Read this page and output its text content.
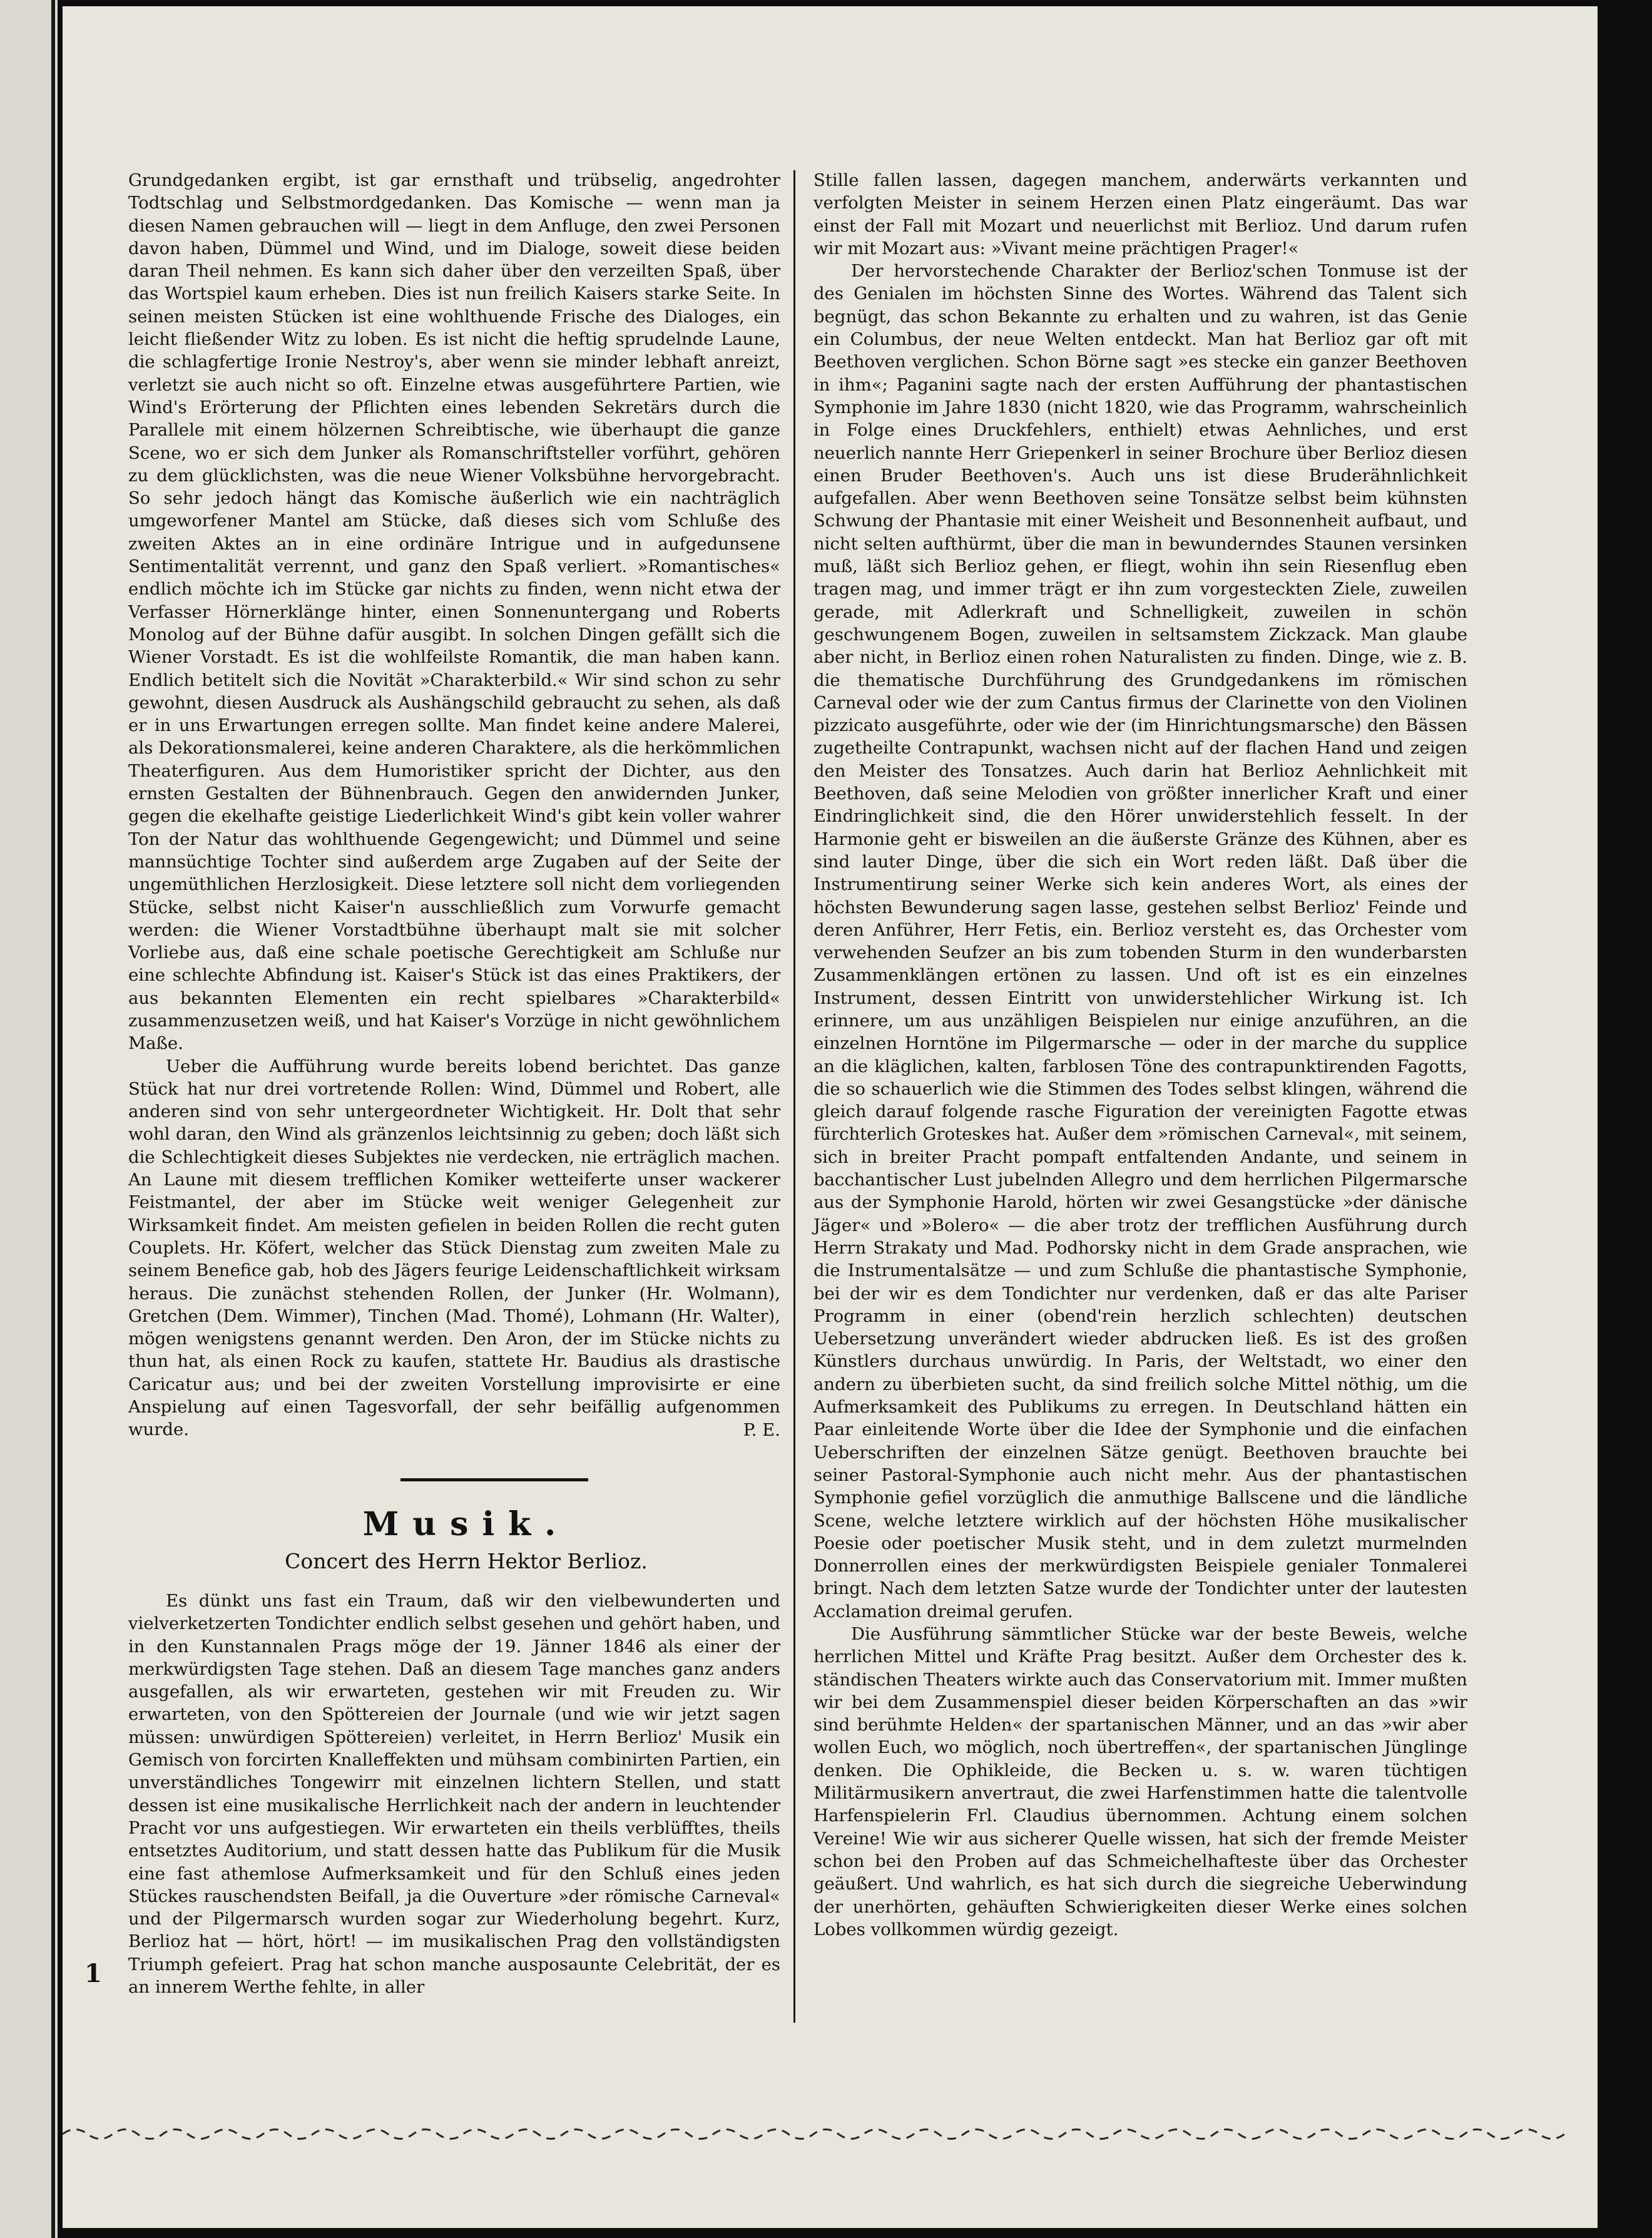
Grundgedanken ergibt, ist gar ernsthaft und trübselig, angedrohter Todtschlag und Selbstmordgedanken. Das Komische — wenn man ja diesen Namen gebrauchen will — liegt in dem Anfluge, den zwei Personen davon haben, Dümmel und Wind, und im Dialoge, soweit diese beiden daran Theil nehmen. Es kann sich daher über den verzeilten Spaß, über das Wortspiel kaum erheben. Dies ist nun freilich Kaisers starke Seite. In seinen meisten Stücken ist eine wohlthuende Frische des Dialoges, ein leicht fließender Witz zu loben. Es ist nicht die heftig sprudelnde Laune, die schlagfertige Ironie Nestroy's, aber wenn sie minder lebhaft anreizt, verletzt sie auch nicht so oft. Einzelne etwas ausgeführtere Partien, wie Wind's Erörterung der Pflichten eines lebenden Sekretärs durch die Parallele mit einem hölzernen Schreibtische, wie überhaupt die ganze Scene, wo er sich dem Junker als Romanschriftsteller vorführt, gehören zu dem glücklichsten, was die neue Wiener Volksbühne hervorgebracht. So sehr jedoch hängt das Komische äußerlich wie ein nachträglich umgeworfener Mantel am Stücke, daß dieses sich vom Schluße des zweiten Aktes an in eine ordinäre Intrigue und in aufgedunsene Sentimentalität verrennt, und ganz den Spaß verliert. »Romantisches« endlich möchte ich im Stücke gar nichts zu finden, wenn nicht etwa der Verfasser Hörnerklänge hinter, einen Sonnenuntergang und Roberts Monolog auf der Bühne dafür ausgibt. In solchen Dingen gefällt sich die Wiener Vorstadt. Es ist die wohlfeilste Romantik, die man haben kann. Endlich betitelt sich die Novität »Charakterbild.« Wir sind schon zu sehr gewohnt, diesen Ausdruck als Aushängschild gebraucht zu sehen, als daß er in uns Erwartungen erregen sollte. Man findet keine andere Malerei, als Dekorationsmalerei, keine anderen Charaktere, als die herkömmlichen Theaterfiguren. Aus dem Humoristiker spricht der Dichter, aus den ernsten Gestalten der Bühnenbrauch. Gegen den anwidernden Junker, gegen die ekelhafte geistige Liederlichkeit Wind's gibt kein voller wahrer Ton der Natur das wohlthuende Gegengewicht; und Dümmel und seine mannsüchtige Tochter sind außerdem arge Zugaben auf der Seite der ungemüthlichen Herzlosigkeit. Diese letztere soll nicht dem vorliegenden Stücke, selbst nicht Kaiser'n ausschließlich zum Vorwurfe gemacht werden: die Wiener Vorstadtbühne überhaupt malt sie mit solcher Vorliebe aus, daß eine schale poetische Gerechtigkeit am Schluße nur eine schlechte Abfindung ist. Kaiser's Stück ist das eines Praktikers, der aus bekannten Elementen ein recht spielbares »Charakterbild« zusammenzusetzen weiß, und hat Kaiser's Vorzüge in nicht gewöhnlichem Maße.

Ueber die Aufführung wurde bereits lobend berichtet. Das ganze Stück hat nur drei vortretende Rollen: Wind, Dümmel und Robert, alle anderen sind von sehr untergeordneter Wichtigkeit. Hr. Dolt that sehr wohl daran, den Wind als gränzenlos leichtsinnig zu geben; doch läßt sich die Schlechtigkeit dieses Subjektes nie verdecken, nie erträglich machen. An Laune mit diesem trefflichen Komiker wetteiferte unser wackerer Feistmantel, der aber im Stücke weit weniger Gelegenheit zur Wirksamkeit findet. Am meisten gefielen in beiden Rollen die recht guten Couplets. Hr. Köfert, welcher das Stück Dienstag zum zweiten Male zu seinem Benefice gab, hob des Jägers feurige Leidenschaftlichkeit wirksam heraus. Die zunächst stehenden Rollen, der Junker (Hr. Wolmann), Gretchen (Dem. Wimmer), Tinchen (Mad. Thomé), Lohmann (Hr. Walter), mögen wenigstens genannt werden. Den Aron, der im Stücke nichts zu thun hat, als einen Rock zu kaufen, stattete Hr. Baudius als drastische Caricatur aus; und bei der zweiten Vorstellung improvisirte er eine Anspielung auf einen Tagesvorfall, der sehr beifällig aufgenommen wurde.	P. E.

Musik.
Concert des Herrn Hektor Berlioz.

Es dünkt uns fast ein Traum, daß wir den vielbewunderten und vielverketzerten Tondichter endlich selbst gesehen und gehört haben, und in den Kunstannalen Prags möge der 19. Jänner 1846 als einer der merkwürdigsten Tage stehen. Daß an diesem Tage manches ganz anders ausgefallen, als wir erwarteten, gestehen wir mit Freuden zu. Wir erwarteten, von den Spöttereien der Journale (und wie wir jetzt sagen müssen: unwürdigen Spöttereien) verleitet, in Herrn Berlioz' Musik ein Gemisch von forcirten Knalleffekten und mühsam combinirten Partien, ein unverständliches Tongewirr mit einzelnen lichtern Stellen, und statt dessen ist eine musikalische Herrlichkeit nach der andern in leuchtender Pracht vor uns aufgestiegen. Wir erwarteten ein theils verblüfftes, theils entsetztes Auditorium, und statt dessen hatte das Publikum für die Musik eine fast athemlose Aufmerksamkeit und für den Schluß eines jeden Stückes rauschendsten Beifall, ja die Ouverture »der römische Carneval« und der Pilgermarsch wurden sogar zur Wiederholung begehrt. Kurz, Berlioz hat — hört, hört! — im musikalischen Prag den vollständigsten Triumph gefeiert. Prag hat schon manche ausposaunte Celebrität, der es an innerem Werthe fehlte, in aller

1

Stille fallen lassen, dagegen manchem, anderwärts verkannten und verfolgten Meister in seinem Herzen einen Platz eingeräumt. Das war einst der Fall mit Mozart und neuerlichst mit Berlioz. Und darum rufen wir mit Mozart aus: »Vivant meine prächtigen Prager!«

Der hervorstechende Charakter der Berlioz'schen Tonmuse ist der des Genialen im höchsten Sinne des Wortes. Während das Talent sich begnügt, das schon Bekannte zu erhalten und zu wahren, ist das Genie ein Columbus, der neue Welten entdeckt. Man hat Berlioz gar oft mit Beethoven verglichen. Schon Börne sagt »es stecke ein ganzer Beethoven in ihm«; Paganini sagte nach der ersten Aufführung der phantastischen Symphonie im Jahre 1830 (nicht 1820, wie das Programm, wahrscheinlich in Folge eines Druckfehlers, enthielt) etwas Aehnliches, und erst neuerlich nannte Herr Griepenkerl in seiner Brochure über Berlioz diesen einen Bruder Beethoven's. Auch uns ist diese Bruderähnlichkeit aufgefallen. Aber wenn Beethoven seine Tonsätze selbst beim kühnsten Schwung der Phantasie mit einer Weisheit und Besonnenheit aufbaut, und nicht selten aufthürmt, über die man in bewunderndes Staunen versinken muß, läßt sich Berlioz gehen, er fliegt, wohin ihn sein Riesenflug eben tragen mag, und immer trägt er ihn zum vorgesteckten Ziele, zuweilen gerade, mit Adlerkraft und Schnelligkeit, zuweilen in schön geschwungenem Bogen, zuweilen in seltsamstem Zickzack. Man glaube aber nicht, in Berlioz einen rohen Naturalisten zu finden. Dinge, wie z. B. die thematische Durchführung des Grundgedankens im römischen Carneval oder wie der zum Cantus firmus der Clarinette von den Violinen pizzicato ausgeführte, oder wie der (im Hinrichtungsmarsche) den Bässen zugetheilte Contrapunkt, wachsen nicht auf der flachen Hand und zeigen den Meister des Tonsatzes. Auch darin hat Berlioz Aehnlichkeit mit Beethoven, daß seine Melodien von größter innerlicher Kraft und einer Eindringlichkeit sind, die den Hörer unwiderstehlich fesselt. In der Harmonie geht er bisweilen an die äußerste Gränze des Kühnen, aber es sind lauter Dinge, über die sich ein Wort reden läßt. Daß über die Instrumentirung seiner Werke sich kein anderes Wort, als eines der höchsten Bewunderung sagen lasse, gestehen selbst Berlioz' Feinde und deren Anführer, Herr Fetis, ein. Berlioz versteht es, das Orchester vom verwehenden Seufzer an bis zum tobenden Sturm in den wunderbarsten Zusammenklängen ertönen zu lassen. Und oft ist es ein einzelnes Instrument, dessen Eintritt von unwiderstehlicher Wirkung ist. Ich erinnere, um aus unzähligen Beispielen nur einige anzuführen, an die einzelnen Horntöne im Pilgermarsche — oder in der marche du supplice an die kläglichen, kalten, farblosen Töne des contrapunktirenden Fagotts, die so schauerlich wie die Stimmen des Todes selbst klingen, während die gleich darauf folgende rasche Figuration der vereinigten Fagotte etwas fürchterlich Groteskes hat. Außer dem »römischen Carneval«, mit seinem, sich in breiter Pracht pompaft entfaltenden Andante, und seinem in bacchantischer Lust jubelnden Allegro und dem herrlichen Pilgermarsche aus der Symphonie Harold, hörten wir zwei Gesangstücke »der dänische Jäger« und »Bolero« — die aber trotz der trefflichen Ausführung durch Herrn Strakaty und Mad. Podhorsky nicht in dem Grade ansprachen, wie die Instrumentalsätze — und zum Schluße die phantastische Symphonie, bei der wir es dem Tondichter nur verdenken, daß er das alte Pariser Programm in einer (obend'rein herzlich schlechten) deutschen Uebersetzung unverändert wieder abdrucken ließ. Es ist des großen Künstlers durchaus unwürdig. In Paris, der Weltstadt, wo einer den andern zu überbieten sucht, da sind freilich solche Mittel nöthig, um die Aufmerksamkeit des Publikums zu erregen. In Deutschland hätten ein Paar einleitende Worte über die Idee der Symphonie und die einfachen Ueberschriften der einzelnen Sätze genügt. Beethoven brauchte bei seiner Pastoral-Symphonie auch nicht mehr. Aus der phantastischen Symphonie gefiel vorzüglich die anmuthige Ballscene und die ländliche Scene, welche letztere wirklich auf der höchsten Höhe musikalischer Poesie oder poetischer Musik steht, und in dem zuletzt murmelnden Donnerrollen eines der merkwürdigsten Beispiele genialer Tonmalerei bringt. Nach dem letzten Satze wurde der Tondichter unter der lautesten Acclamation dreimal gerufen.

Die Ausführung sämmtlicher Stücke war der beste Beweis, welche herrlichen Mittel und Kräfte Prag besitzt. Außer dem Orchester des k. ständischen Theaters wirkte auch das Conservatorium mit. Immer mußten wir bei dem Zusammenspiel dieser beiden Körperschaften an das »wir sind berühmte Helden« der spartanischen Männer, und an das »wir aber wollen Euch, wo möglich, noch übertreffen«, der spartanischen Jünglinge denken. Die Ophikleide, die Becken u. s. w. waren tüchtigen Militärmusikern anvertraut, die zwei Harfenstimmen hatte die talentvolle Harfenspielerin Frl. Claudius übernommen. Achtung einem solchen Vereine! Wie wir aus sicherer Quelle wissen, hat sich der fremde Meister schon bei den Proben auf das Schmeichelhafteste über das Orchester geäußert. Und wahrlich, es hat sich durch die siegreiche Ueberwindung der unerhörten, gehäuften Schwierigkeiten dieser Werke eines solchen Lobes vollkommen würdig gezeigt.
